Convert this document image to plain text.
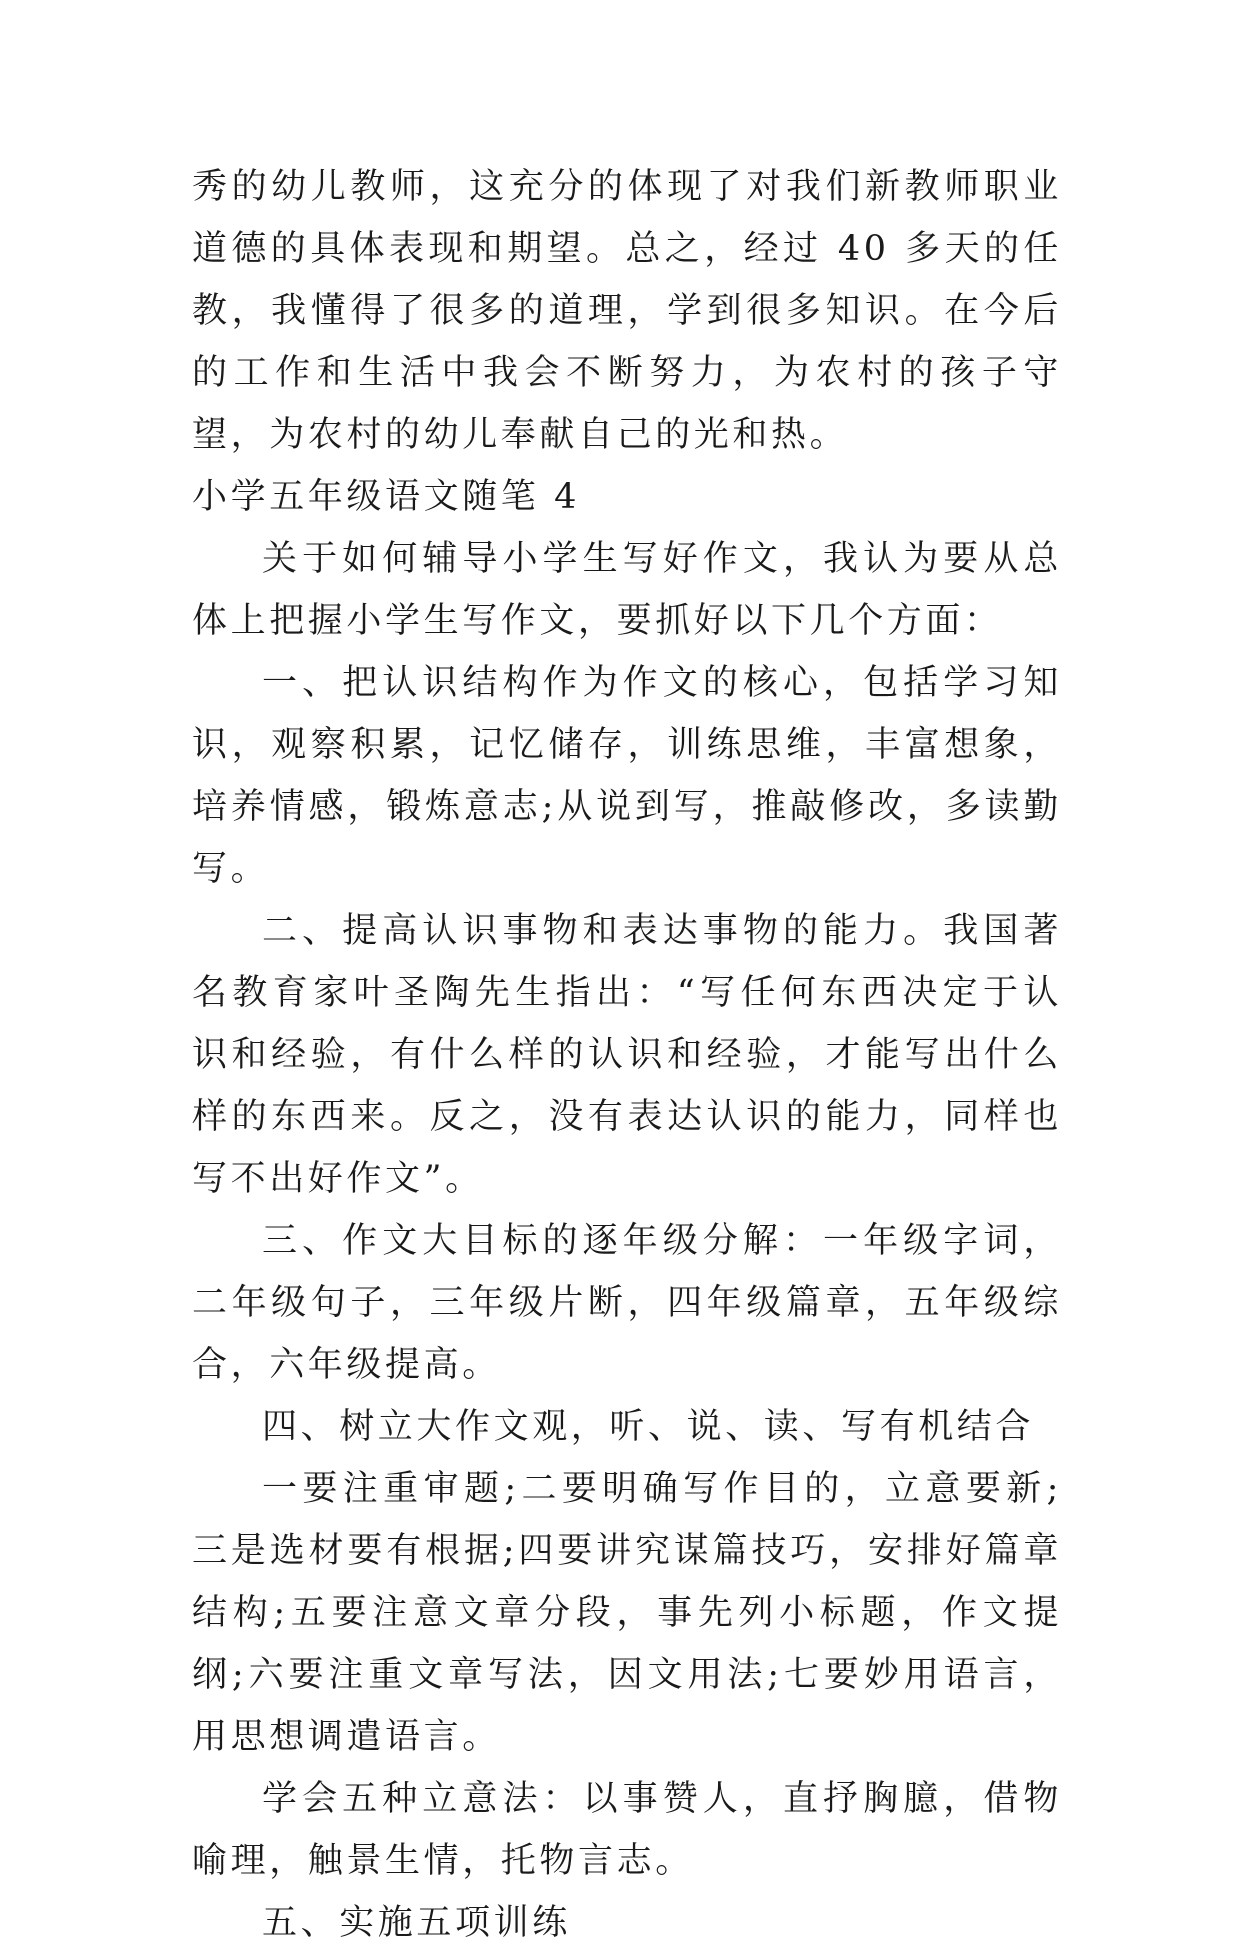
秀的幼儿教师，这充分的体现了对我们新教师职业道德的具体表现和期望。总之，经过 40 多天的任教，我懂得了很多的道理，学到很多知识。在今后的工作和生活中我会不断努力，为农村的孩子守望，为农村的幼儿奉献自己的光和热。

小学五年级语文随笔 4

关于如何辅导小学生写好作文，我认为要从总体上把握小学生写作文，要抓好以下几个方面：

一、把认识结构作为作文的核心，包括学习知识，观察积累，记忆储存，训练思维，丰富想象，培养情感，锻炼意志;从说到写，推敲修改，多读勤写。

二、提高认识事物和表达事物的能力。我国著名教育家叶圣陶先生指出：“写任何东西决定于认识和经验，有什么样的认识和经验，才能写出什么样的东西来。反之，没有表达认识的能力，同样也写不出好作文”。

三、作文大目标的逐年级分解：一年级字词，二年级句子，三年级片断，四年级篇章，五年级综合，六年级提高。

四、树立大作文观，听、说、读、写有机结合

一要注重审题;二要明确写作目的，立意要新;三是选材要有根据;四要讲究谋篇技巧，安排好篇章结构;五要注意文章分段，事先列小标题，作文提纲;六要注重文章写法，因文用法;七要妙用语言，用思想调遣语言。

学会五种立意法：以事赞人，直抒胸臆，借物喻理，触景生情，托物言志。

五、实施五项训练
